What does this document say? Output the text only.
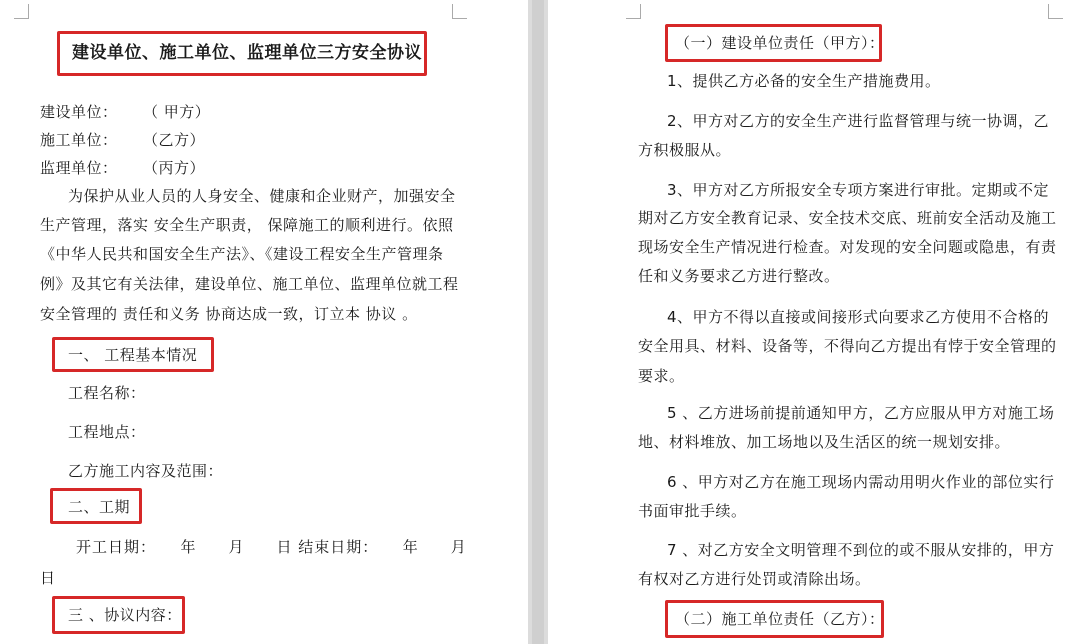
建设单位、施工单位、监理单位三方安全协议
建设单位： （ 甲方）
施工单位： （乙方）
监理单位： （丙方）
为保护从业人员的人身安全、健康和企业财产，加强安全
生产管理，落实 安全生产职责， 保障施工的顺利进行。依照
《中华人民共和国安全生产法》、《建设工程安全生产管理条
例》及其它有关法律，建设单位、施工单位、监理单位就工程
安全管理的 责任和义务 协商达成一致，订立本 协议 。
一、 工程基本情况
工程名称：
工程地点：
乙方施工内容及范围：
二、工期
开工日期：　　年　　月　　日 结束日期：　　年　　月
日
三 、协议内容：
（一）建设单位责任（甲方）：
1、提供乙方必备的安全生产措施费用。
2、甲方对乙方的安全生产进行监督管理与统一协调，乙
方积极服从。
3、甲方对乙方所报安全专项方案进行审批。定期或不定
期对乙方安全教育记录、安全技术交底、班前安全活动及施工
现场安全生产情况进行检查。对发现的安全问题或隐患，有责
任和义务要求乙方进行整改。
4、甲方不得以直接或间接形式向要求乙方使用不合格的
安全用具、材料、设备等，不得向乙方提出有悖于安全管理的
要求。
5 、乙方进场前提前通知甲方，乙方应服从甲方对施工场
地、材料堆放、加工场地以及生活区的统一规划安排。
6 、甲方对乙方在施工现场内需动用明火作业的部位实行
书面审批手续。
7 、对乙方安全文明管理不到位的或不服从安排的，甲方
有权对乙方进行处罚或清除出场。
（二）施工单位责任（乙方）：
